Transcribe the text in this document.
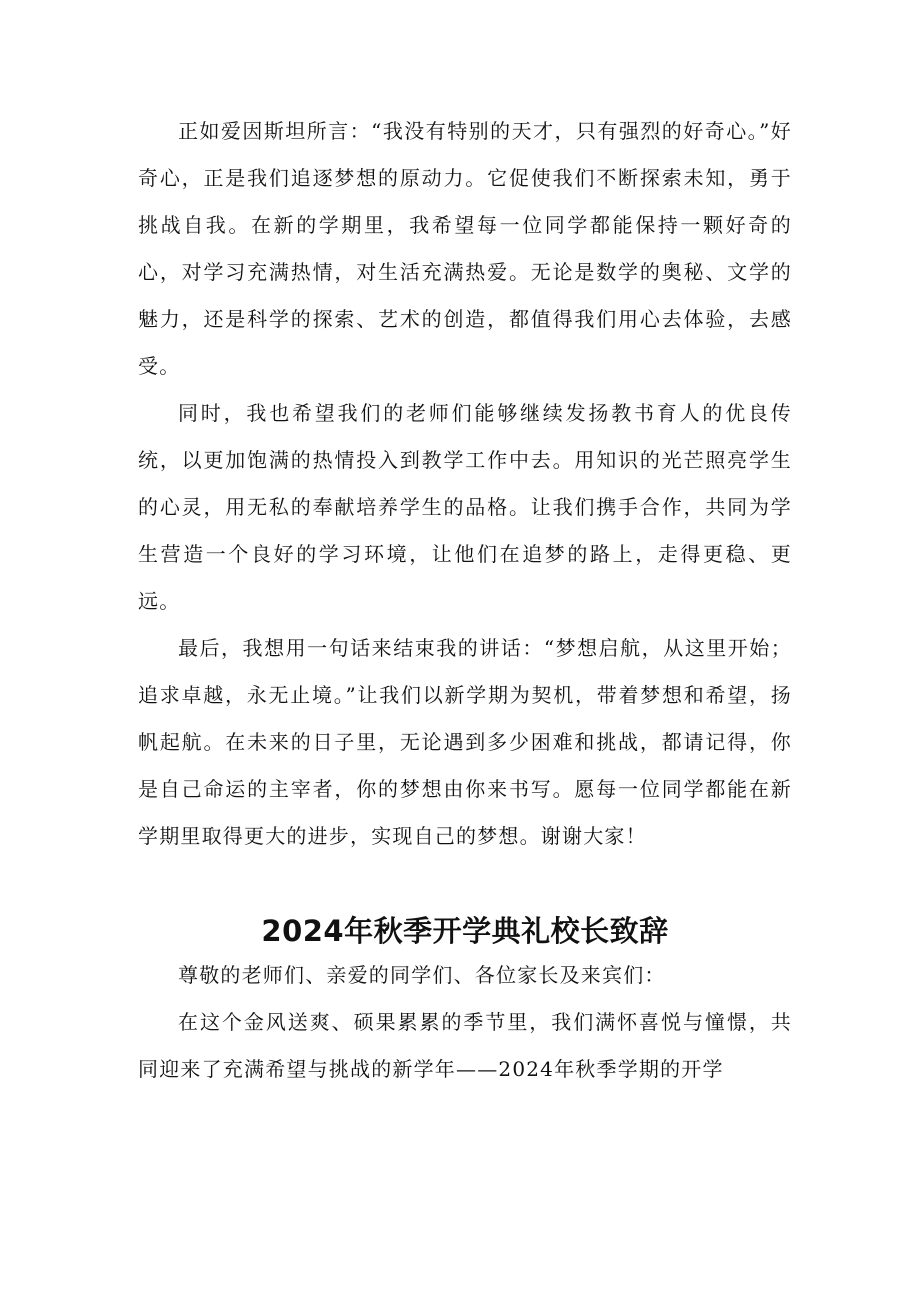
正如爱因斯坦所言：“我没有特别的天才，只有强烈的好奇心。”好奇心，正是我们追逐梦想的原动力。它促使我们不断探索未知，勇于挑战自我。在新的学期里，我希望每一位同学都能保持一颗好奇的心，对学习充满热情，对生活充满热爱。无论是数学的奥秘、文学的魅力，还是科学的探索、艺术的创造，都值得我们用心去体验，去感受。

同时，我也希望我们的老师们能够继续发扬教书育人的优良传统，以更加饱满的热情投入到教学工作中去。用知识的光芒照亮学生的心灵，用无私的奉献培养学生的品格。让我们携手合作，共同为学生营造一个良好的学习环境，让他们在追梦的路上，走得更稳、更远。

最后，我想用一句话来结束我的讲话：“梦想启航，从这里开始；追求卓越，永无止境。”让我们以新学期为契机，带着梦想和希望，扬帆起航。在未来的日子里，无论遇到多少困难和挑战，都请记得，你是自己命运的主宰者，你的梦想由你来书写。愿每一位同学都能在新学期里取得更大的进步，实现自己的梦想。谢谢大家！

2024年秋季开学典礼校长致辞

尊敬的老师们、亲爱的同学们、各位家长及来宾们：

在这个金风送爽、硕果累累的季节里，我们满怀喜悦与憧憬，共同迎来了充满希望与挑战的新学年——2024年秋季学期的开学
